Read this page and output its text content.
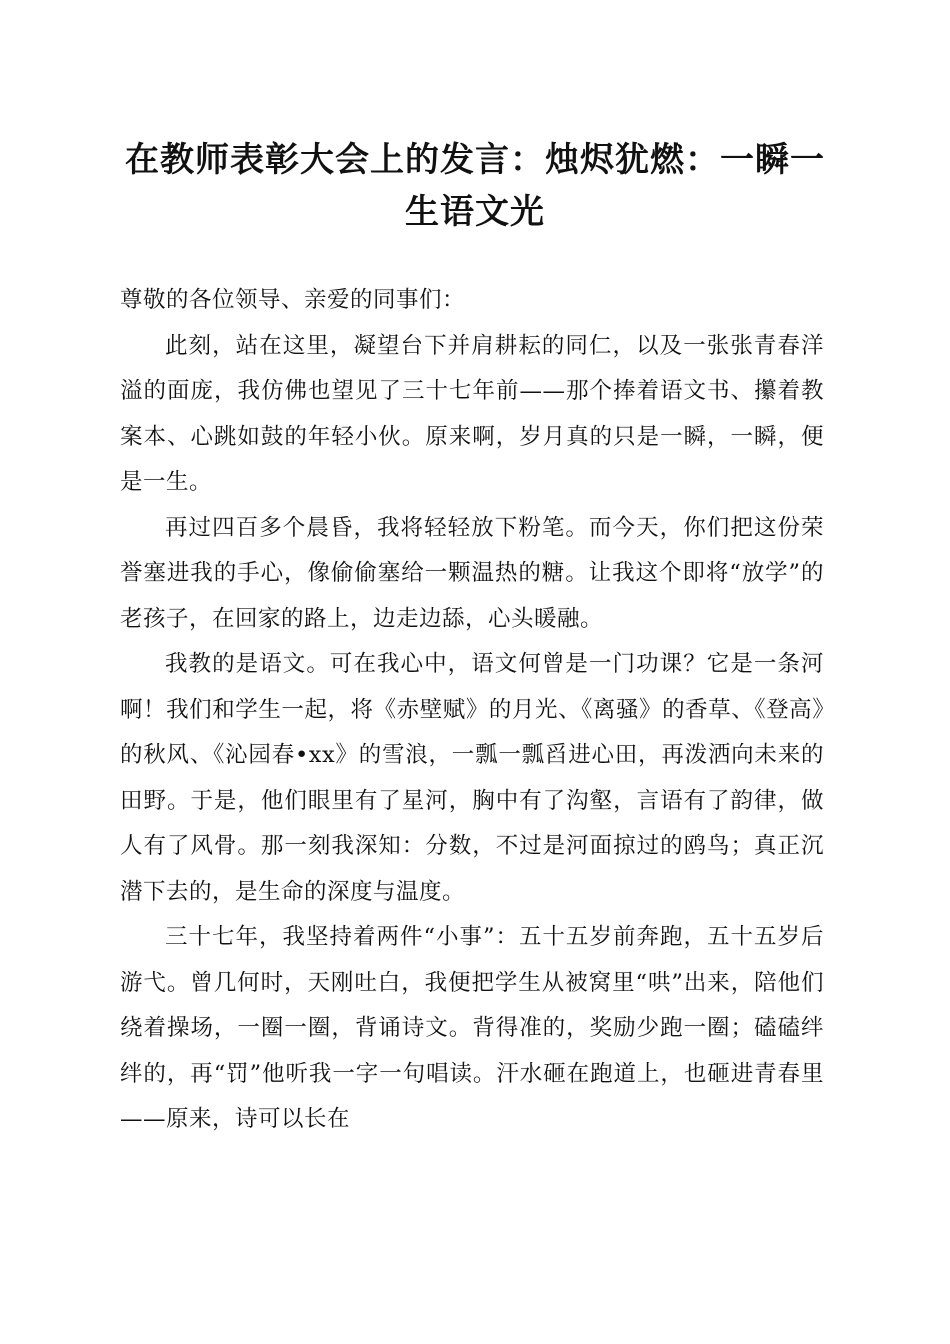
在教师表彰大会上的发言：烛烬犹燃：一瞬一生语文光

尊敬的各位领导、亲爱的同事们：

此刻，站在这里，凝望台下并肩耕耘的同仁，以及一张张青春洋溢的面庞，我仿佛也望见了三十七年前——那个捧着语文书、攥着教案本、心跳如鼓的年轻小伙。原来啊，岁月真的只是一瞬，一瞬，便是一生。

再过四百多个晨昏，我将轻轻放下粉笔。而今天，你们把这份荣誉塞进我的手心，像偷偷塞给一颗温热的糖。让我这个即将“放学”的老孩子，在回家的路上，边走边舔，心头暖融。

我教的是语文。可在我心中，语文何曾是一门功课？它是一条河啊！我们和学生一起，将《赤壁赋》的月光、《离骚》的香草、《登高》的秋风、《沁园春•xx》的雪浪，一瓢一瓢舀进心田，再泼洒向未来的田野。于是，他们眼里有了星河，胸中有了沟壑，言语有了韵律，做人有了风骨。那一刻我深知：分数，不过是河面掠过的鸥鸟；真正沉潜下去的，是生命的深度与温度。

三十七年，我坚持着两件“小事”：五十五岁前奔跑，五十五岁后游弋。曾几何时，天刚吐白，我便把学生从被窝里“哄”出来，陪他们绕着操场，一圈一圈，背诵诗文。背得准的，奖励少跑一圈；磕磕绊绊的，再“罚”他听我一字一句唱读。汗水砸在跑道上，也砸进青春里——原来，诗可以长在
